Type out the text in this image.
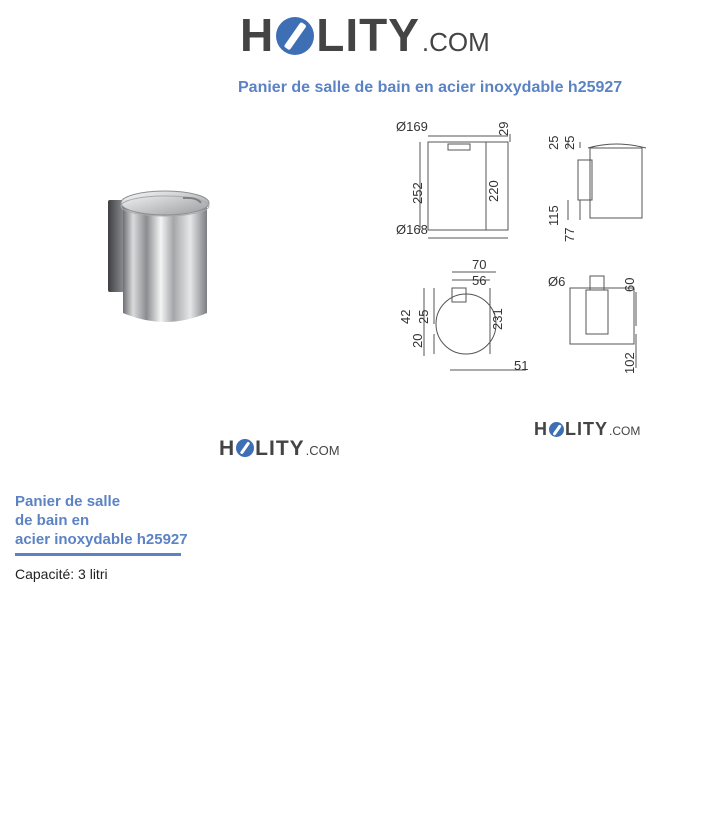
H LITY .COM
Panier de salle de bain en acier inoxydable h25927
Ø169	29
252	220
Ø168
25 25
115
77
70
56
42 25	231
20
51
Ø6	60
102
H LITY .COM
H LITY .COM
Panier de salle
de bain en
acier inoxydable h25927
Capacité: 3 litri
